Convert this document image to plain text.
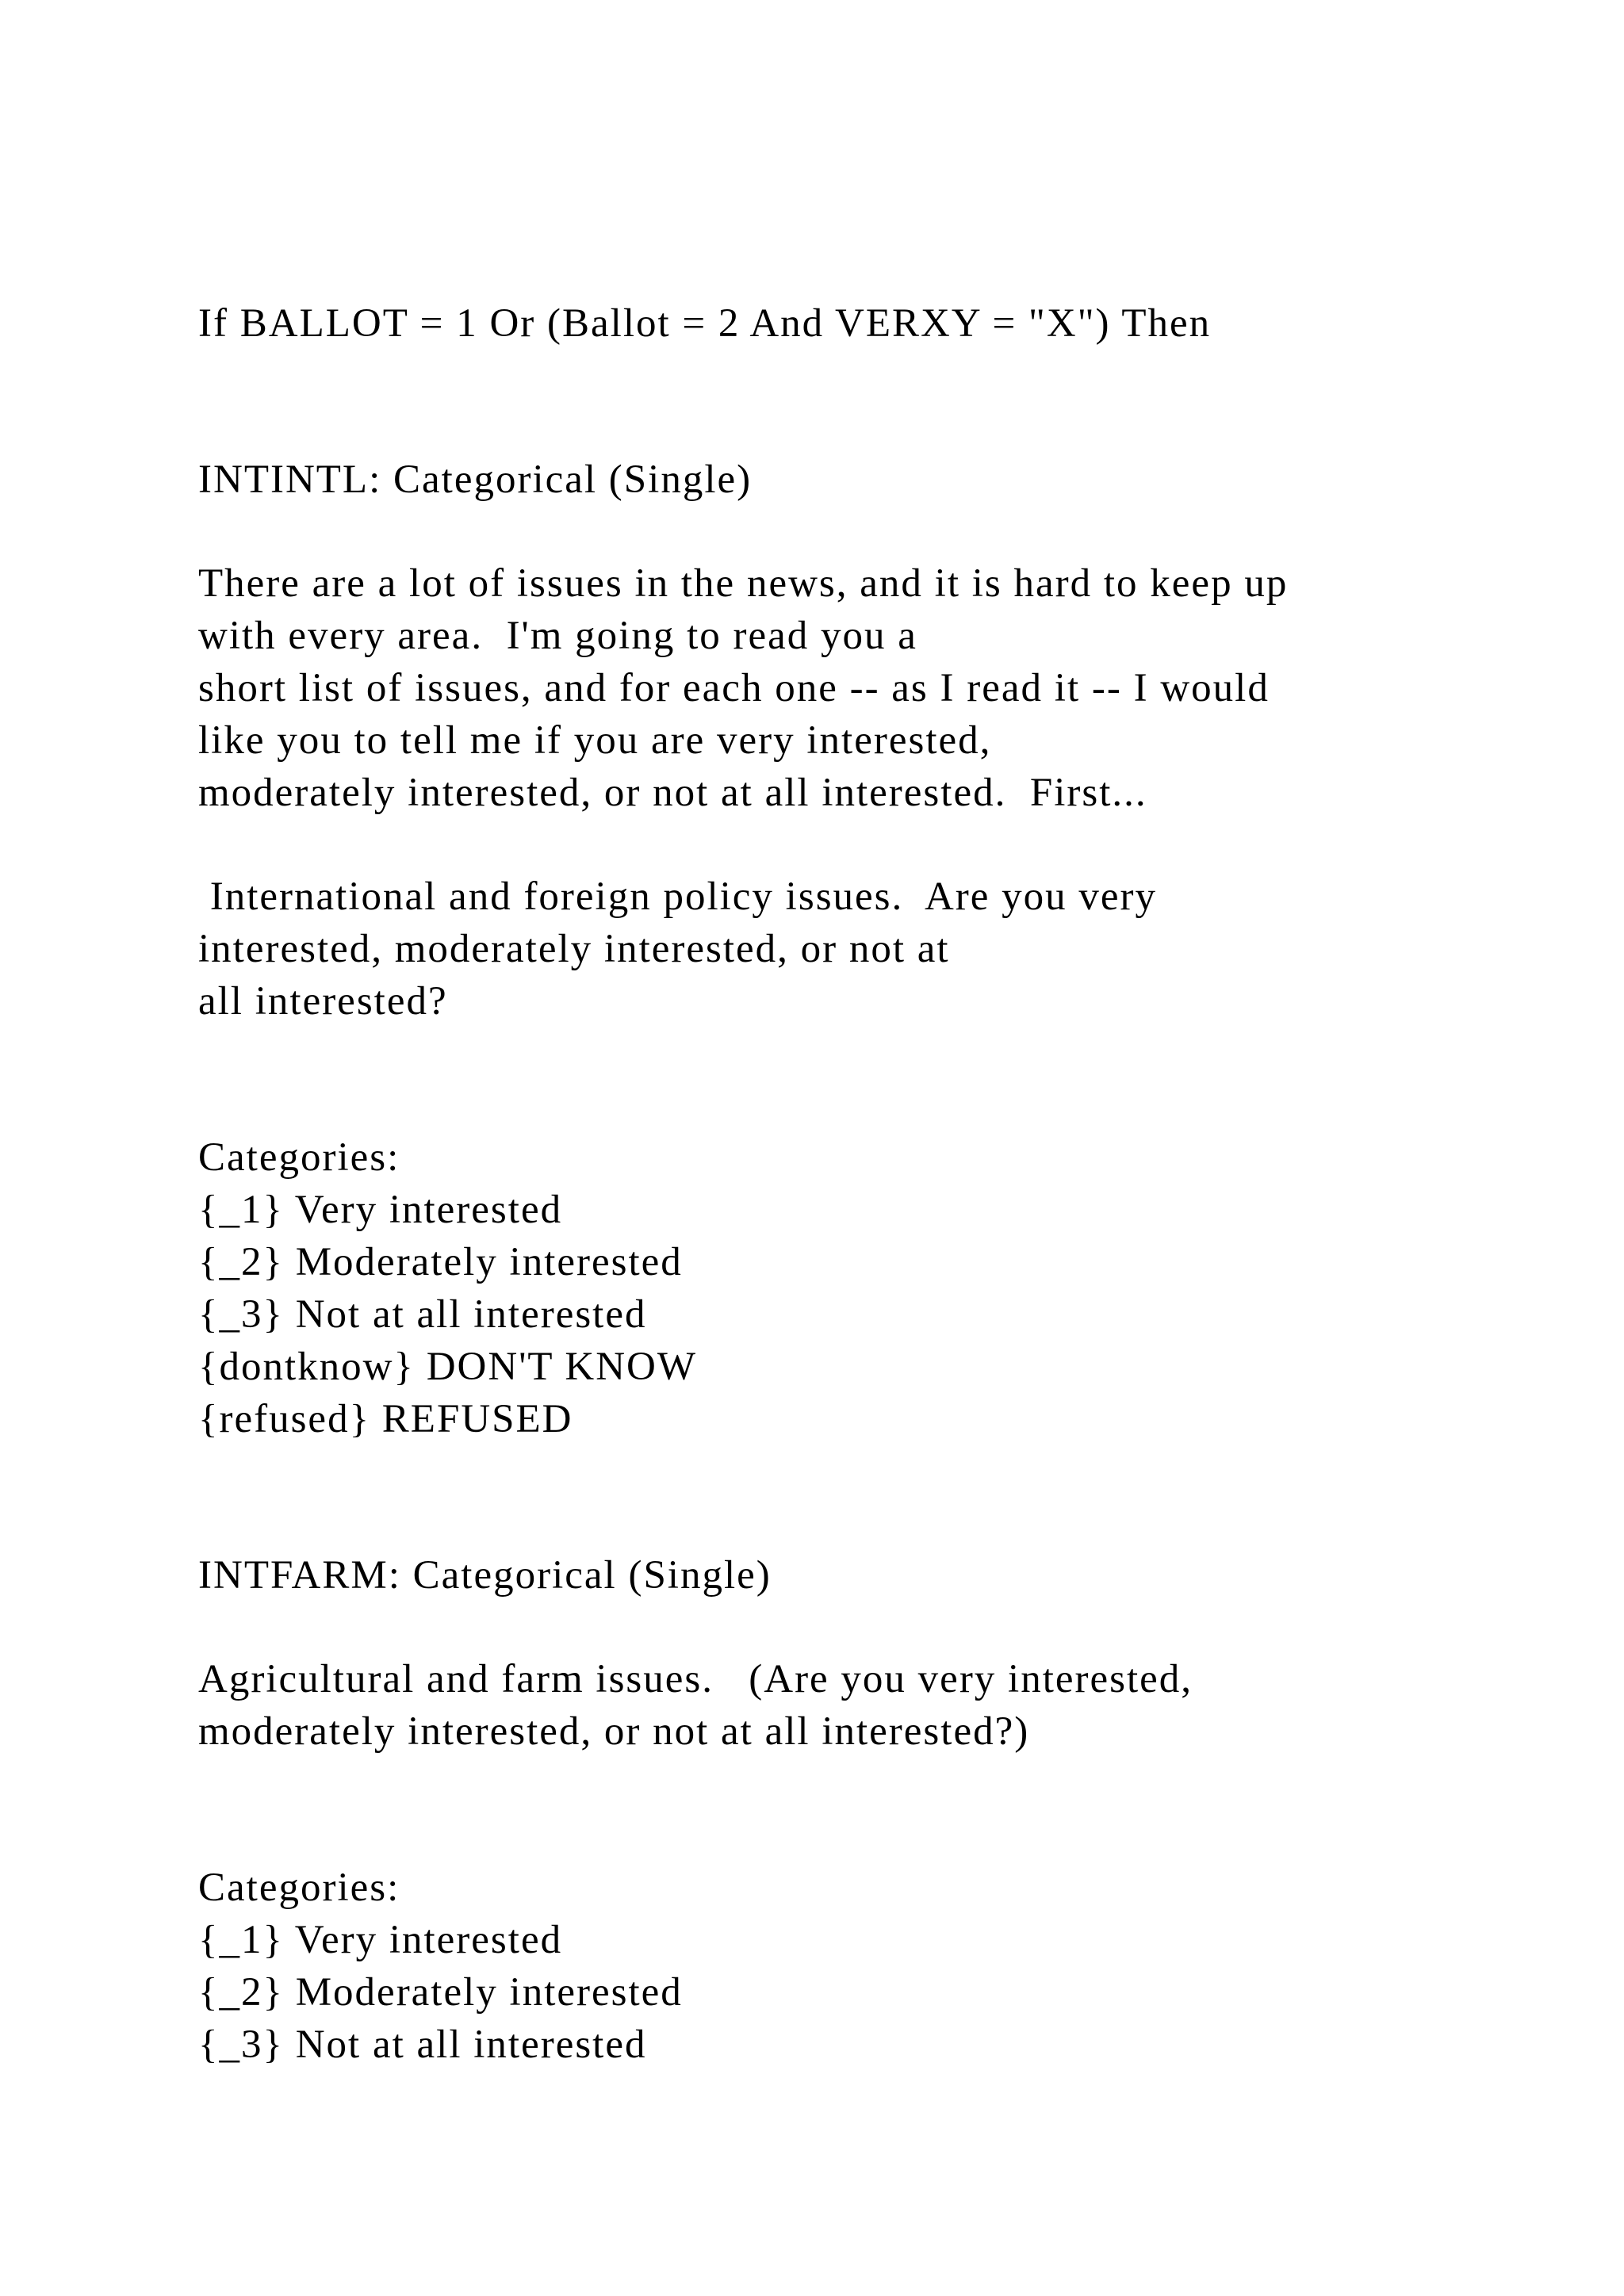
If BALLOT = 1 Or (Ballot = 2 And VERXY = "X") Then
INTINTL: Categorical (Single)
There are a lot of issues in the news, and it is hard to keep up
with every area.  I'm going to read you a
short list of issues, and for each one -- as I read it -- I would
like you to tell me if you are very interested,
moderately interested, or not at all interested.  First...
International and foreign policy issues.  Are you very
interested, moderately interested, or not at
all interested?
Categories:
{_1} Very interested
{_2} Moderately interested
{_3} Not at all interested
{dontknow} DON'T KNOW
{refused} REFUSED
INTFARM: Categorical (Single)
Agricultural and farm issues.   (Are you very interested,
moderately interested, or not at all interested?)
Categories:
{_1} Very interested
{_2} Moderately interested
{_3} Not at all interested
